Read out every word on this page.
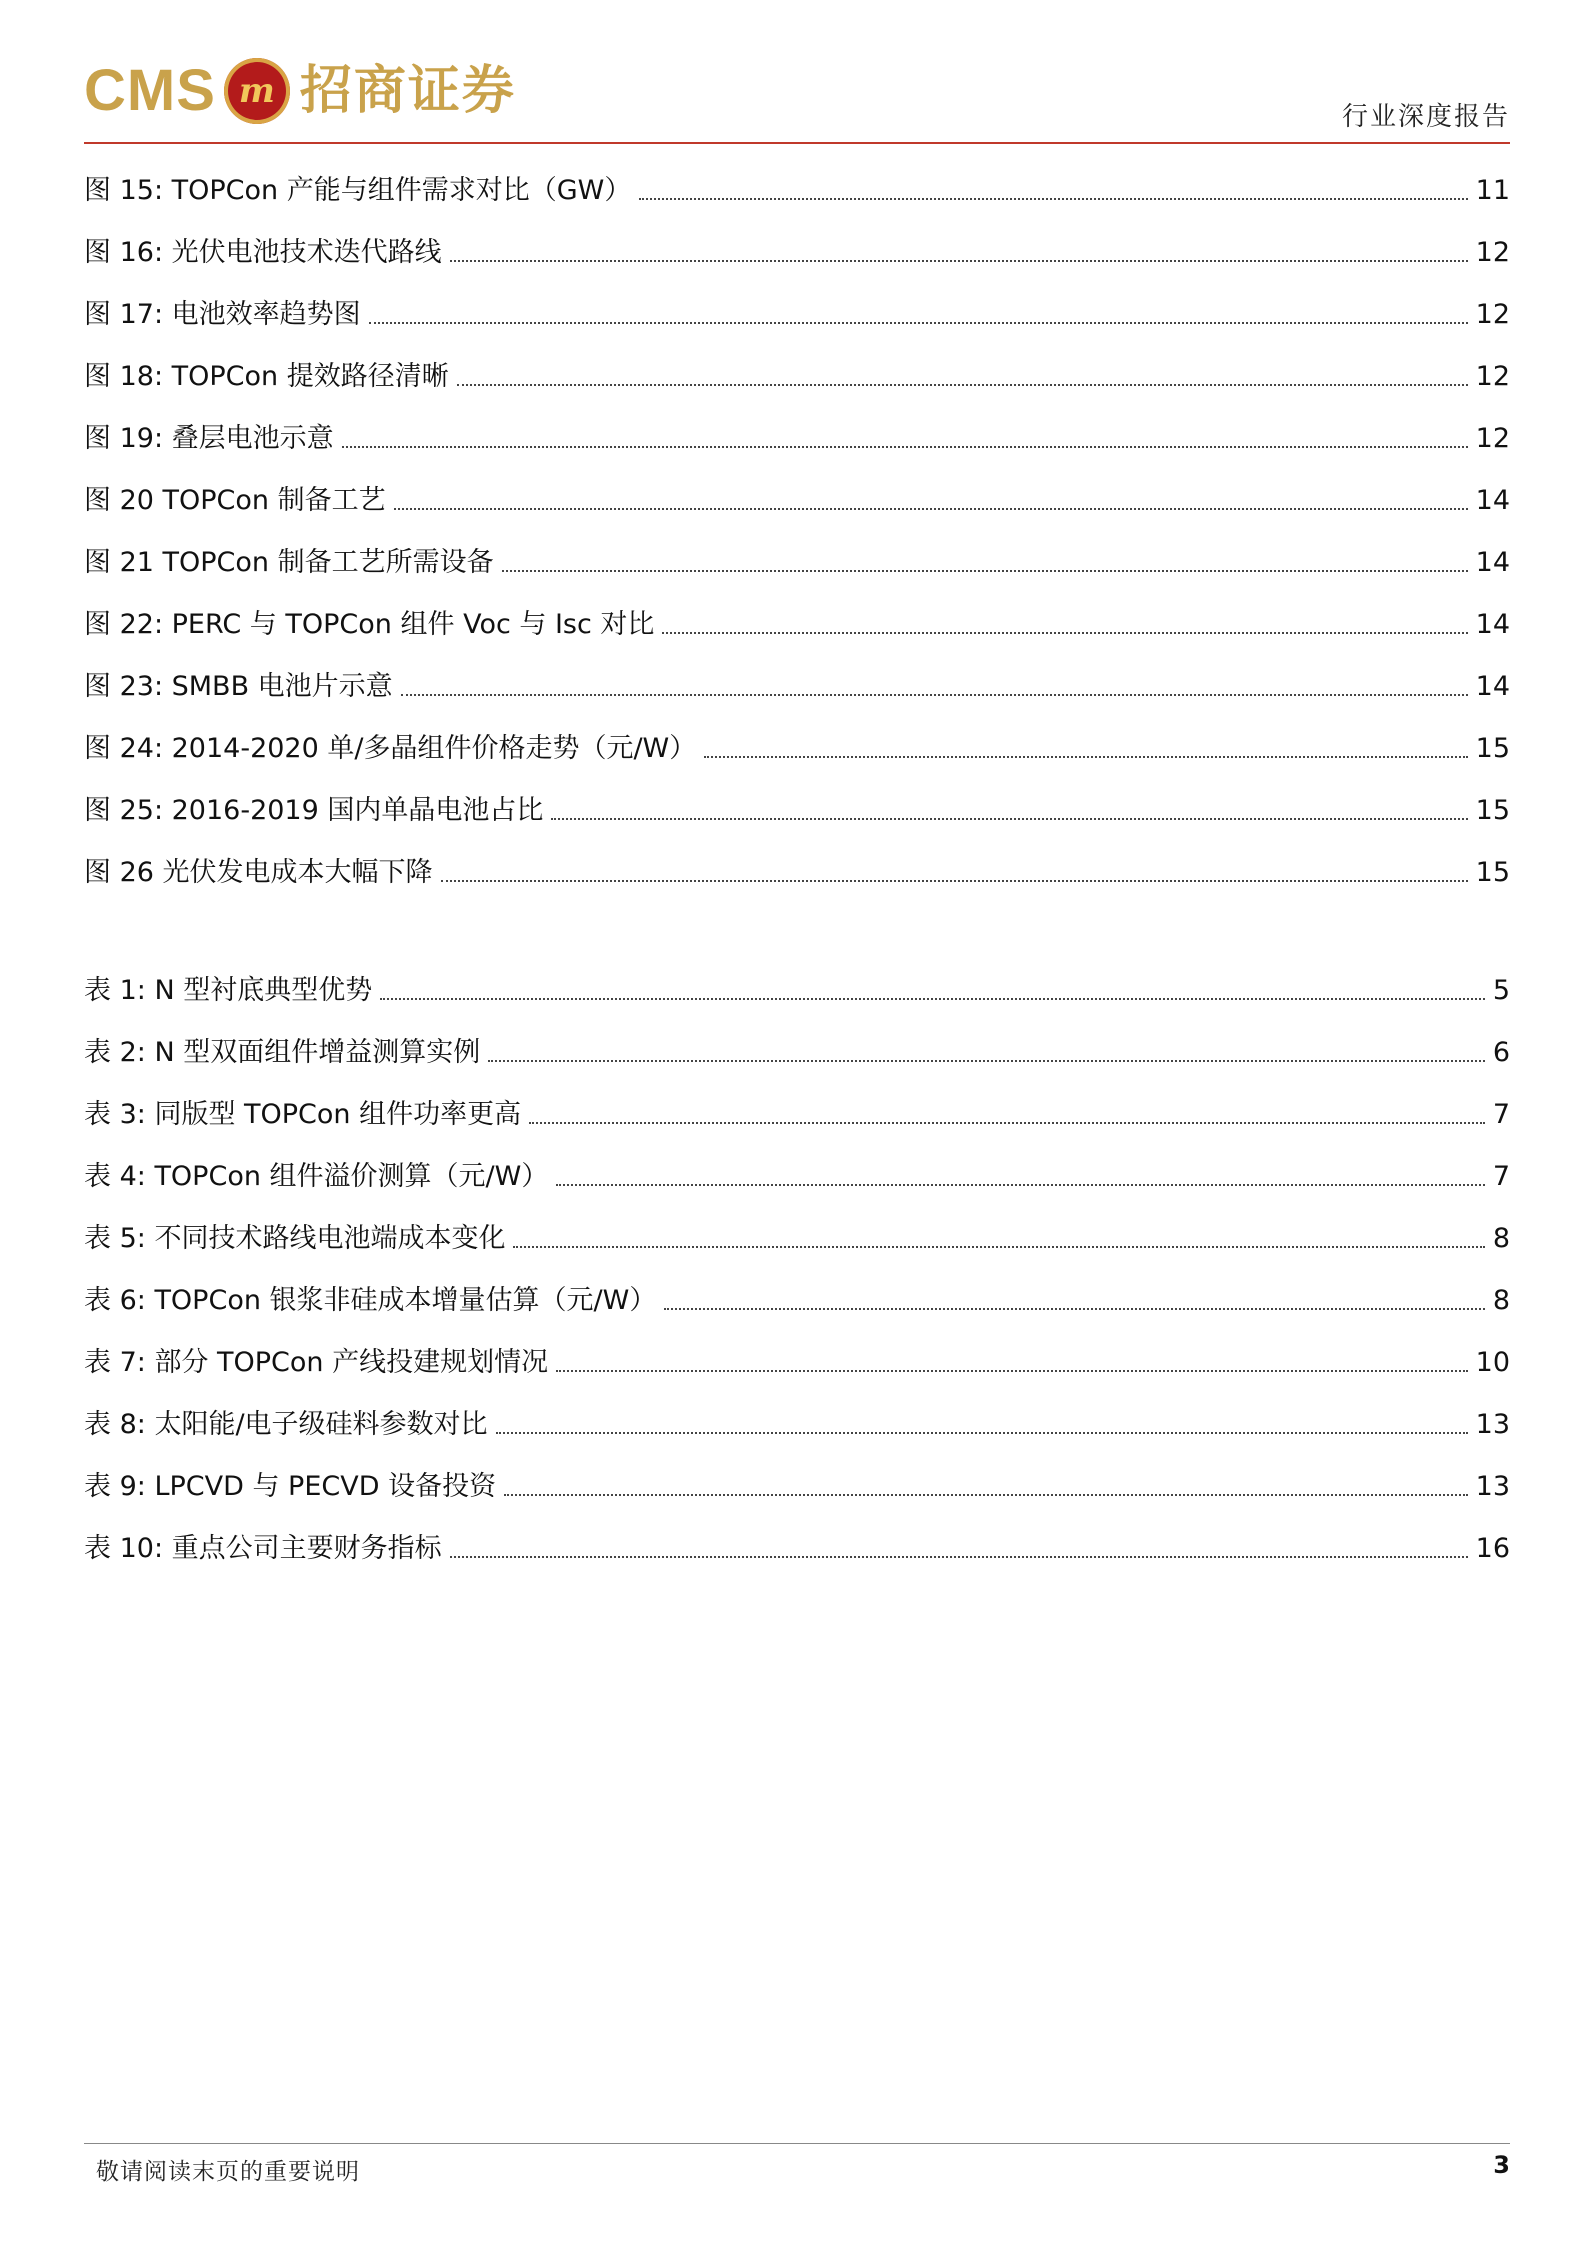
CMS m 招商证券	行业深度报告
图 15: TOPCon 产能与组件需求对比（GW）	11
图 16: 光伏电池技术迭代路线	12
图 17: 电池效率趋势图	12
图 18: TOPCon 提效路径清晰	12
图 19: 叠层电池示意	12
图 20 TOPCon 制备工艺	14
图 21 TOPCon 制备工艺所需设备	14
图 22: PERC 与 TOPCon 组件 Voc 与 Isc 对比	14
图 23: SMBB 电池片示意	14
图 24: 2014-2020 单/多晶组件价格走势（元/W）	15
图 25: 2016-2019 国内单晶电池占比	15
图 26 光伏发电成本大幅下降	15
表 1: N 型衬底典型优势	5
表 2: N 型双面组件增益测算实例	6
表 3: 同版型 TOPCon 组件功率更高	7
表 4: TOPCon 组件溢价测算（元/W）	7
表 5: 不同技术路线电池端成本变化	8
表 6: TOPCon 银浆非硅成本增量估算（元/W）	8
表 7: 部分 TOPCon 产线投建规划情况	10
表 8: 太阳能/电子级硅料参数对比	13
表 9: LPCVD 与 PECVD 设备投资	13
表 10: 重点公司主要财务指标	16
敬请阅读末页的重要说明	3
